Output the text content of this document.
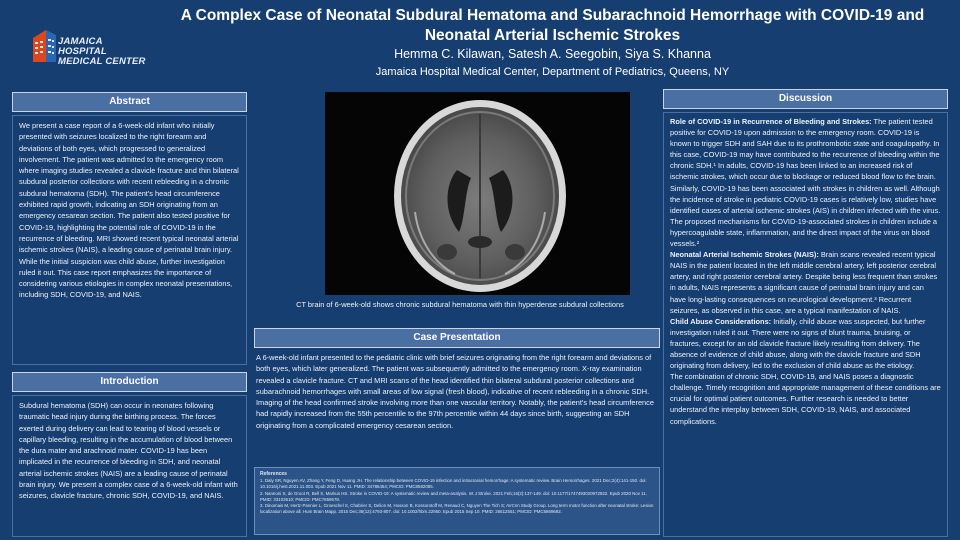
JAMAICA HOSPITAL
MEDICAL CENTER
A Complex Case of Neonatal Subdural Hematoma and Subarachnoid Hemorrhage with COVID-19 and Neonatal Arterial Ischemic Strokes
Hemma C. Kilawan, Satesh A. Seegobin, Siya S. Khanna
Jamaica Hospital Medical Center, Department of Pediatrics, Queens, NY
Abstract

We present a case report of a 6-week-old infant who initially presented with seizures localized to the right forearm and deviations of both eyes, which progressed to generalized involvement. The patient was admitted to the emergency room where imaging studies revealed a clavicle fracture and thin bilateral subdural posterior collections with recent rebleeding in a chronic subdural hematoma (SDH). The patient's head circumference exhibited rapid growth, indicating an SDH originating from an emergency cesarean section. The patient also tested positive for COVID-19, highlighting the potential role of COVID-19 in the recurrence of bleeding. MRI showed recent typical neonatal arterial ischemic strokes (NAIS), a leading cause of perinatal brain injury. While the initial suspicion was child abuse, further investigation ruled it out. This case report emphasizes the importance of considering various etiologies in complex neonatal presentations, including SDH, COVID-19, and NAIS.

Introduction

Subdural hematoma (SDH) can occur in neonates following traumatic head injury during the birthing process. The forces exerted during delivery can lead to tearing of blood vessels or capillary bleeding, resulting in the accumulation of blood between the dura mater and arachnoid mater. COVID-19 has been implicated in the recurrence of bleeding in SDH, and neonatal arterial ischemic strokes (NAIS) are a leading cause of perinatal brain injury. We present a complex case of a 6-week-old infant with seizures, clavicle fracture, chronic SDH, COVID-19, and NAIS.

CT brain of 6-week-old shows chronic subdural hematoma with thin hyperdense subdural collections
Case Presentation

A 6-week-old infant presented to the pediatric clinic with brief seizures originating from the right forearm and deviations of both eyes, which later generalized. The patient was subsequently admitted to the emergency room. X-ray examination revealed a clavicle fracture. CT and MRI scans of the head identified thin bilateral subdural posterior collections and subarachnoid hemorrhages with small areas of low signal (fresh blood), indicative of recent rebleeding in a chronic SDH. Imaging of the head confirmed stroke involving more than one vascular territory. Notably, the patient's head circumference had rapidly increased from the 55th percentile to the 97th percentile within 44 days since birth, suggesting an SDH originating from a complicated emergency cesarean section.

References
1. Daly SR, Nguyen AV, Zhang Y, Feng D, Huang JH. The relationship between COVID-19 infection and intracranial hemorrhage: A systematic review. Brain Hemorrhages. 2021 Dec;2(4):141-150. doi: 10.1016/j.hest.2021.11.003. Epub 2021 Nov 11. PMID: 34786454; PMCID: PMC8582085.
2. Nannoni S, de Groot R, Bell S, Markus HS. Stroke in COVID-19: A systematic review and meta-analysis. Int J Stroke. 2021 Feb;16(2):137-149. doi: 10.1177/1747493020972922. Epub 2020 Nov 11. PMID: 33103610; PMCID: PMC7859578.
3. Dinomais M, Hertz-Pannier L, Groeschel S, Chabrier S, Delion M, Husson B, Kossorotoff M, Renaud C, Nguyen The Tich S; AVCnn Study Group. Long term motor function after neonatal stroke: Lesion localization above all. Hum Brain Mapp. 2015 Dec;36(12):4793-807. doi: 10.1002/hbm.22950. Epub 2015 Sep 10. PMID: 26512551; PMCID: PMC6869692.
Discussion

Role of COVID-19 in Recurrence of Bleeding and Strokes: The patient tested positive for COVID-19 upon admission to the emergency room. COVID-19 is known to trigger SDH and SAH due to its prothrombotic state and coagulopathy. In this case, COVID-19 may have contributed to the recurrence of bleeding within the chronic SDH.¹ In adults, COVID-19 has been linked to an increased risk of ischemic strokes, which occur due to blockage or reduced blood flow to the brain. Similarly, COVID-19 has been associated with strokes in children as well. Although the incidence of stroke in pediatric COVID-19 cases is relatively low, studies have identified cases of arterial ischemic strokes (AIS) in children infected with the virus. The proposed mechanisms for COVID-19-associated strokes in children include a hypercoagulable state, inflammation, and the direct impact of the virus on blood vessels.²

Neonatal Arterial Ischemic Strokes (NAIS): Brain scans revealed recent typical NAIS in the patient located in the left middle cerebral artery, left posterior cerebral artery, and right posterior cerebral artery. Despite being less frequent than strokes in adults, NAIS represents a significant cause of perinatal brain injury and can have long-lasting consequences on neurological development.³ Recurrent seizures, as observed in this case, are a typical manifestation of NAIS.

Child Abuse Considerations: Initially, child abuse was suspected, but further investigation ruled it out. There were no signs of blunt trauma, bruising, or fractures, except for an old clavicle fracture likely resulting from delivery. The absence of evidence of child abuse, along with the clavicle fracture and SDH originating from delivery, led to the exclusion of child abuse as the etiology.

The combination of chronic SDH, COVID-19, and NAIS poses a diagnostic challenge. Timely recognition and appropriate management of these conditions are crucial for optimal patient outcomes. Further research is needed to better understand the interplay between SDH, COVID-19, NAIS, and associated complications.
